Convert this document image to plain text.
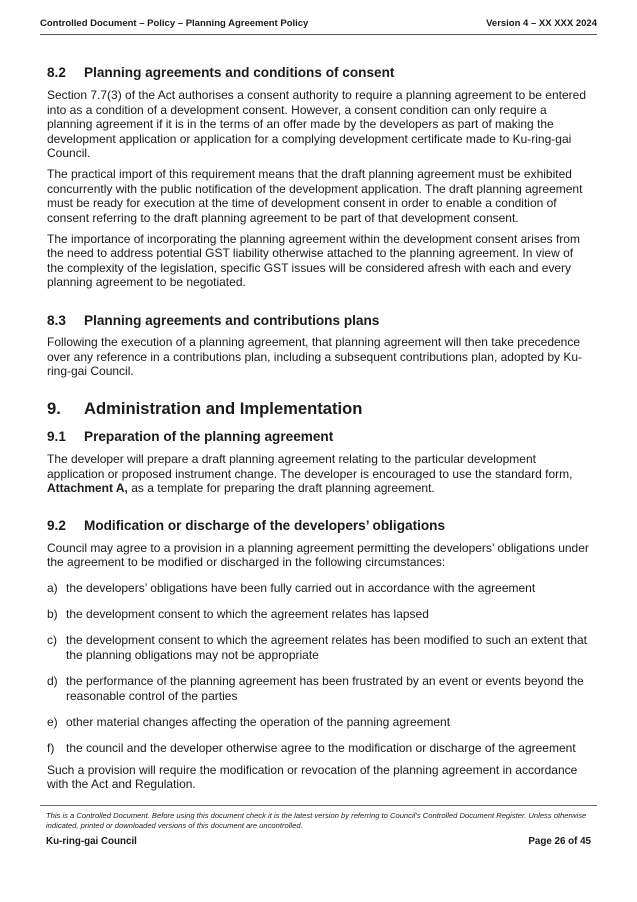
Controlled Document – Policy – Planning Agreement Policy	Version 4 – XX XXX 2024
8.2	Planning agreements and conditions of consent

Section 7.7(3) of the Act authorises a consent authority to require a planning agreement to be entered into as a condition of a development consent. However, a consent condition can only require a planning agreement if it is in the terms of an offer made by the developers as part of making the development application or application for a complying development certificate made to Ku-ring-gai Council.

The practical import of this requirement means that the draft planning agreement must be exhibited concurrently with the public notification of the development application. The draft planning agreement must be ready for execution at the time of development consent in order to enable a condition of consent referring to the draft planning agreement to be part of that development consent.

The importance of incorporating the planning agreement within the development consent arises from the need to address potential GST liability otherwise attached to the planning agreement. In view of the complexity of the legislation, specific GST issues will be considered afresh with each and every planning agreement to be negotiated.

8.3	Planning agreements and contributions plans

Following the execution of a planning agreement, that planning agreement will then take precedence over any reference in a contributions plan, including a subsequent contributions plan, adopted by Ku-ring-gai Council.

9.	Administration and Implementation
9.1	Preparation of the planning agreement

The developer will prepare a draft planning agreement relating to the particular development application or proposed instrument change. The developer is encouraged to use the standard form, Attachment A, as a template for preparing the draft planning agreement.

9.2	Modification or discharge of the developers’ obligations

Council may agree to a provision in a planning agreement permitting the developers’ obligations under the agreement to be modified or discharged in the following circumstances:

a) the developers’ obligations have been fully carried out in accordance with the agreement
b) the development consent to which the agreement relates has lapsed
c) the development consent to which the agreement relates has been modified to such an extent that the planning obligations may not be appropriate
d) the performance of the planning agreement has been frustrated by an event or events beyond the reasonable control of the parties
e) other material changes affecting the operation of the panning agreement
f) the council and the developer otherwise agree to the modification or discharge of the agreement

Such a provision will require the modification or revocation of the planning agreement in accordance with the Act and Regulation.

This is a Controlled Document. Before using this document check it is the latest version by referring to Council’s Controlled Document Register. Unless otherwise indicated, printed or downloaded versions of this document are uncontrolled.
Ku-ring-gai Council	Page 26 of 45
